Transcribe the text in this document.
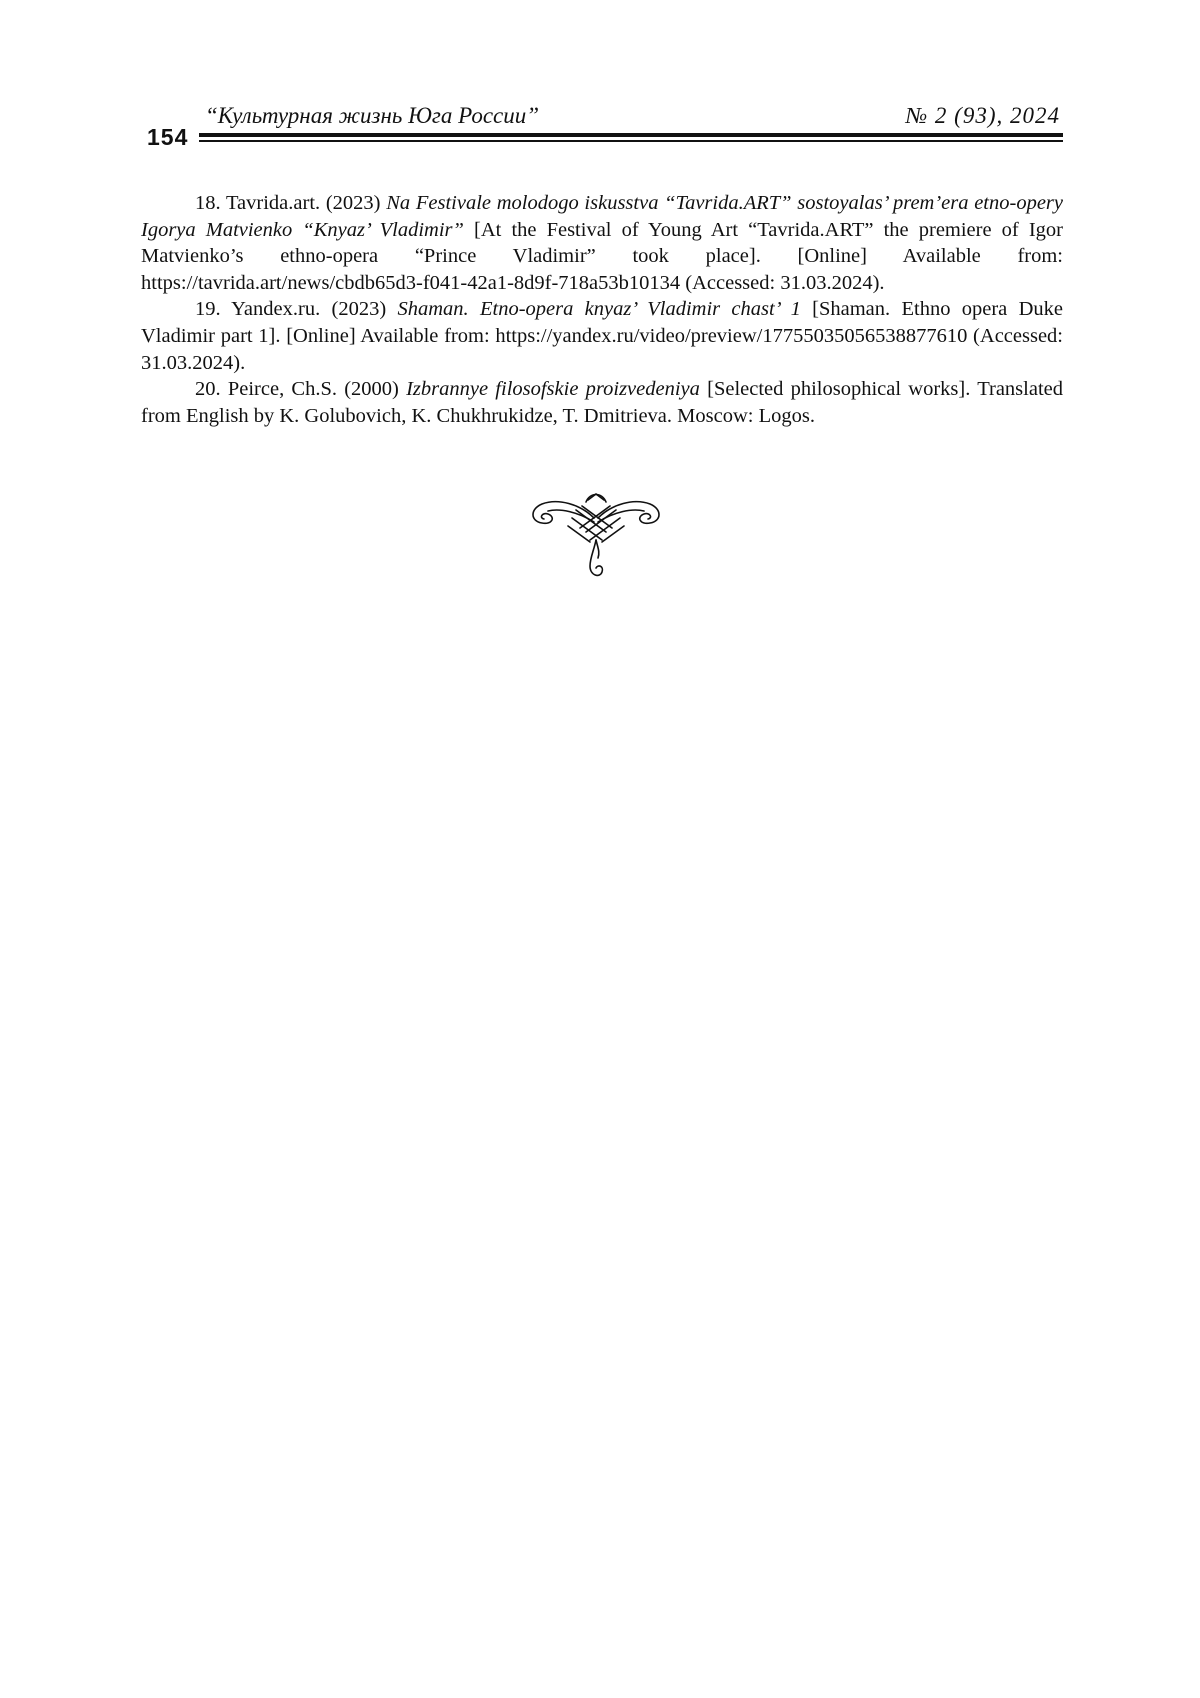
“Культурная жизнь Юга России”	№ 2 (93), 2024
154

18. Tavrida.art. (2023) Na Festivale molodogo iskusstva “Tavrida.ART” sostoyalas’ prem’era etno-opery Igorya Matvienko “Knyaz’ Vladimir” [At the Festival of Young Art “Tavrida.ART” the premiere of Igor Matvienko’s ethno-opera “Prince Vladimir” took place]. [Online] Available from: https://tavrida.art/news/cbdb65d3-f041-42a1-8d9f-718a53b10134 (Accessed: 31.03.2024).

19. Yandex.ru. (2023) Shaman. Etno-opera knyaz’ Vladimir chast’ 1 [Shaman. Ethno opera Duke Vladimir part 1]. [Online] Available from: https://yandex.ru/video/preview/17755035056538877610 (Accessed: 31.03.2024).

20. Peirce, Ch.S. (2000) Izbrannye filosofskie proizvedeniya [Selected philosophical works]. Translated from English by K. Golubovich, K. Chukhrukidze, T. Dmitrieva. Moscow: Logos.
